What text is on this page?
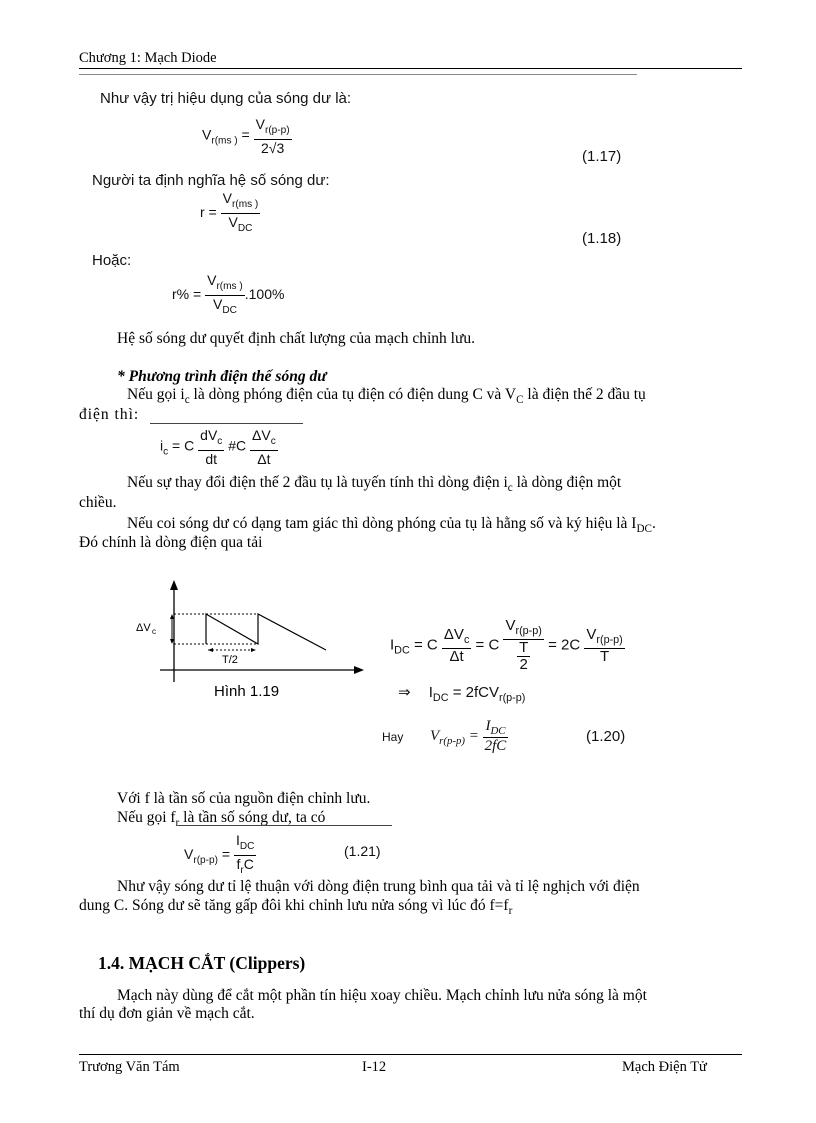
Chương 1: Mạch Diode
Như vậy trị hiệu dụng của sóng dư là:
$V_{r(ms )} = \frac{V_{r(p-p)}}{2√3}$
(1.17)
Người ta định nghĩa hệ số sóng dư:
$r = \frac{V_{r(ms )}}{V_{DC}}$
(1.18)
Hoặc:
$r\% = \frac{V_{r(ms )}}{V_{DC}} .100\%$
Hệ số sóng dư quyết định chất lượng của mạch chỉnh lưu.
* Phương trình điện thế sóng dư
Nếu gọi $i_c$ là dòng phóng điện của tụ điện có điện dung C và $V_C$ là điện thế 2 đầu tụ
điện thì:
$i_c = C \frac{dV_c}{dt}$ #C $\frac{\Delta V_c}{\Delta t}$
Nếu sự thay đổi điện thế 2 đầu tụ là tuyến tính thì dòng điện $i_c$ là dòng điện một
chiều.
Nếu coi sóng dư có dạng tam giác thì dòng phóng của tụ là hằng số và ký hiệu là $I_{DC}$.
Đó chính là dòng điện qua tải
ΔV c
T/2
Hình 1.19
$I_{DC} = C \frac{\Delta V_c}{\Delta t} = C \frac{V_{r(p-p)}}{\frac{T}{2}} = 2C \frac{V_{r(p-p)}}{T}$
⇒ $I_{DC} = 2fCV_{r(p-p)}$
Hay $V_{r(p-p)} = \frac{I_{DC}}{2fC}$	(1.20)
Với f là tần số của nguồn điện chỉnh lưu.
Nếu gọi $f_r$ là tần số sóng dư, ta có
$V_{r(p-p)} = \frac{I_{DC}}{f_rC}$	(1.21)
Như vậy sóng dư tỉ lệ thuận với dòng điện trung bình qua tải và tỉ lệ nghịch với điện
dung C. Sóng dư sẽ tăng gấp đôi khi chỉnh lưu nửa sóng vì lúc đó $f=f_r$
1.4. MẠCH CẮT (Clippers)
Mạch này dùng để cắt một phần tín hiệu xoay chiều. Mạch chỉnh lưu nửa sóng là một
thí dụ đơn giản về mạch cắt.
Trương Văn Tám	I-12	Mạch Điện Tử
